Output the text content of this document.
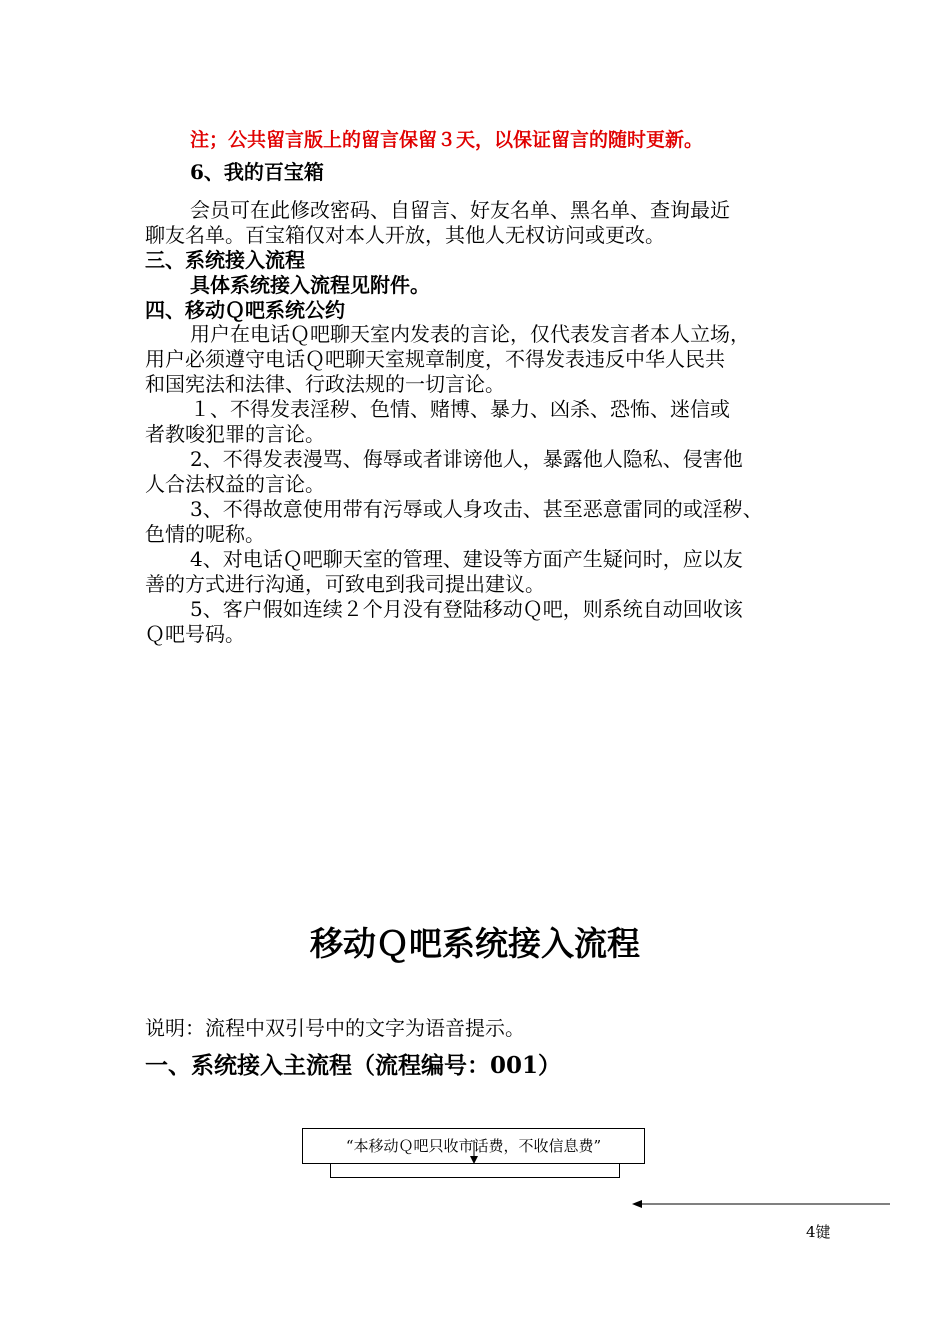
注；公共留言版上的留言保留３天，以保证留言的随时更新。
6、我的百宝箱
会员可在此修改密码、自留言、好友名单、黑名单、查询最近
聊友名单。百宝箱仅对本人开放，其他人无权访问或更改。
三、系统接入流程
具体系统接入流程见附件。
四、移动Ｑ吧系统公约
用户在电话Ｑ吧聊天室内发表的言论，仅代表发言者本人立场，
用户必须遵守电话Ｑ吧聊天室规章制度，不得发表违反中华人民共
和国宪法和法律、行政法规的一切言论。
１、不得发表淫秽、色情、赌博、暴力、凶杀、恐怖、迷信或
者教唆犯罪的言论。
2、不得发表漫骂、侮辱或者诽谤他人，暴露他人隐私、侵害他
人合法权益的言论。
3、不得故意使用带有污辱或人身攻击、甚至恶意雷同的或淫秽、
色情的呢称。
4、对电话Ｑ吧聊天室的管理、建设等方面产生疑问时，应以友
善的方式进行沟通，可致电到我司提出建议。
5、客户假如连续２个月没有登陆移动Ｑ吧，则系统自动回收该
Ｑ吧号码。
移动Ｑ吧系统接入流程
说明：流程中双引号中的文字为语音提示。
一、系统接入主流程（流程编号：001）
“本移动Ｑ吧只收市话费，不收信息费”
4键
